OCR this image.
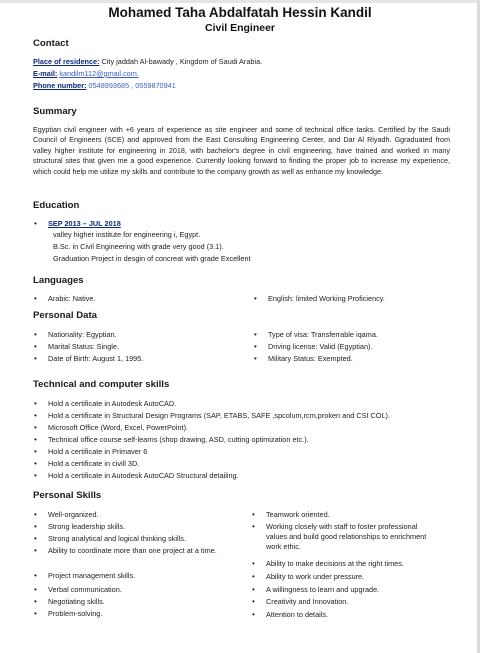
Mohamed Taha Abdalfatah Hessin Kandil
Civil Engineer
Contact
Place of residence: City jaddah Al-bawady , Kingdom of Saudi Arabia.
E-mail: kandilm112@gmail.com.
Phone number: 0548993685 , 0559870941
Summary
Egyptian civil engineer with +6 years of experience as site engineer and some of technical office tasks. Certified by the Saudi Council of Engineers (SCE) and approved from the East Consulting Engineering Center, and Dar Al Riyadh. Ggraduated from valley higher institute for engineering in 2018, with bachelor's degree in civil engineering, have trained and worked in many structural sites that given me a good experience. Currently looking forward to finding the proper job to increase my experience, which could help me utilize my skills and contribute to the company growth as well as enhance my knowledge.
Education
• SEP 2013 – JUL 2018
valley higher institute for engineering i, Egypt.
B.Sc. in Civil Engineering with grade very good (3.1).
Graduation Project in desgin of concreat with grade Excellent
Languages
• Arabic: Native.
•	English: limited Working Proficiency.
Personal Data
• Nationality: Egyptian.
• Marital Status: Single.
• Date of Birth: August 1, 1995.
• Type of visa: Transferrable iqama.
• Driving license: Valid (Egyptian).
• Military Status: Exempted.
Technical and computer skills
• Hold a certificate in Autodesk AutoCAD.
• Hold a certificate in Structural Design Programs (SAP, ETABS, SAFE ,spcolum,rcm,proken and CSI COL).
• Microsoft Office (Word, Excel, PowerPoint).
• Technical office course self-learns (shop drawing, ASD, cutting optimization etc.).
• Hold a certificate in Primaver 6
• Hold a certificate in civill 3D.
• Hold a certificate in Autodesk AutoCAD Structural detailing.
Personal Skills
• Well-organized.
• Strong leadership skills.
• Strong analytical and logical thinking skills.
• Ability to coordinate more than one project at a time.
• Project management skills.
• Verbal communication.
• Negotiating skills.
• Problem-solving.
• Teamwork oriented.
• Working closely with staff to foster professional values and build good relationships to enrichment work ethic.
• Ability to make decisions at the right times.
• Ability to work under pressure.
• A willingness to learn and upgrade.
• Creativity and Innovation.
• Attention to details.
